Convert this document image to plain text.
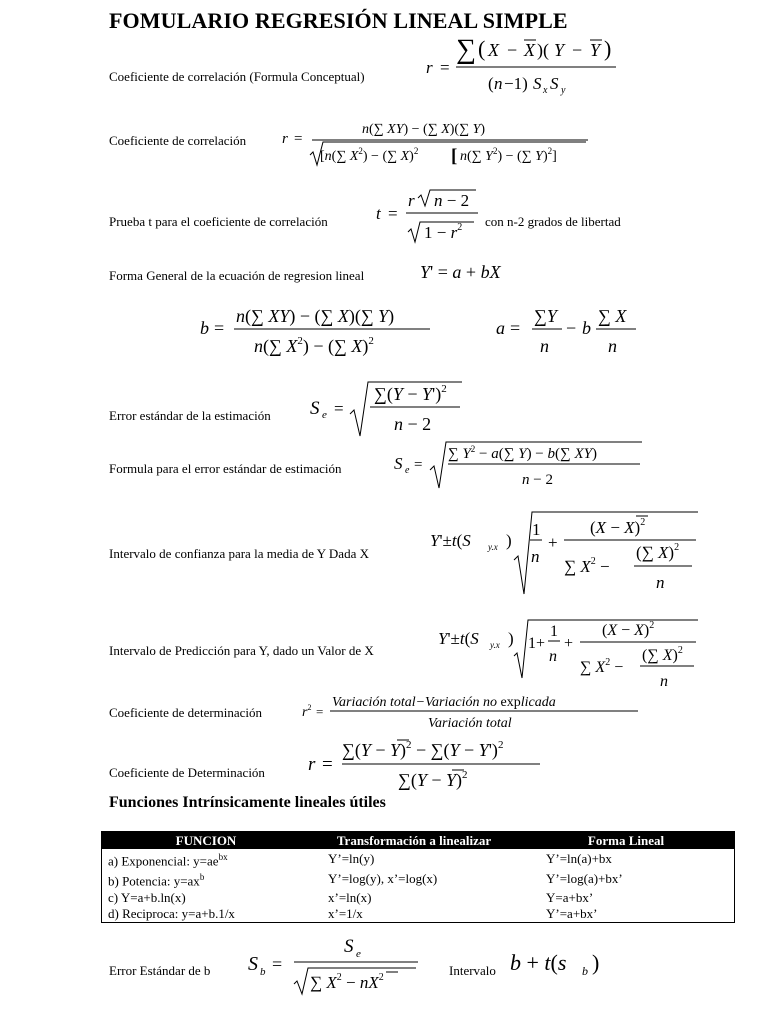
FOMULARIO REGRESIÓN LINEAL SIMPLE
Coeficiente de correlación (Formula Conceptual)	r =
∑ ( X − X )( Y − Y )
( n −1) S x S y
Coeficiente de correlación r =
n(∑ XY) − (∑ X)(∑ Y)
[n(∑ $X^2$) − (∑ X)$^2$ [ n(∑ $Y^2$) − (∑ Y)$^2$]
Prueba t para el coeficiente de correlación	t =
r n − 2
$1 - r^2$ con n-2 grados de libertad
Forma General de la ecuación de regresion lineal	Y' = a + bX
b =
n(∑ XY) − (∑ X)(∑ Y)
n(∑ $X^2$) − (∑ X)$^2$
a =
∑Y
n
− b
∑ X
n
Error estándar de la estimación S e =
$\sum(Y - Y')^2$
n − 2
Formula para el error estándar de estimación	S e =
∑ $Y^2 - a(\sum$ Y) − b(∑ XY)
n − 2
Intervalo de confianza para la media de Y Dada X
Y'±t(S y.x )
1
n
+
$(X - X)^2$
∑ $X^2$ −
(∑ X)$^2$
n
Intervalo de Predicción para Y, dado un Valor de X
Y'±t(S y.x ) 1+
1
n
+
$(X - X)^2$
∑ $X^2$ −
(∑ X)$^2$
n
Coeficiente de determinación	$r^2$ =
Variación total−Variación no explicada
Variación total
Coeficiente de Determinación r =
$\sum(Y - Y)^2 - \sum(Y - Y')^2$
$\sum(Y - Y)^2$
Funciones Intrínsicamente lineales útiles
FUNCION	Transformación a linealizar	Forma Lineal
a) Exponencial: $y=ae^{bx}$	Y’=ln(y)	Y’=ln(a)+bx
b) Potencia: $y=ax^b$	Y’=log(y), x’=log(x)	Y’=log(a)+bx’
c) Y=a+b.ln(x)	x’=ln(x)	Y=a+bx’
d) Reciproca: y=a+b.1/x	x’=1/x	Y’=a+bx’
Error Estándar de b S b =
S e
∑ $X^2 - nX^2$	Intervalo b + t(s b )
